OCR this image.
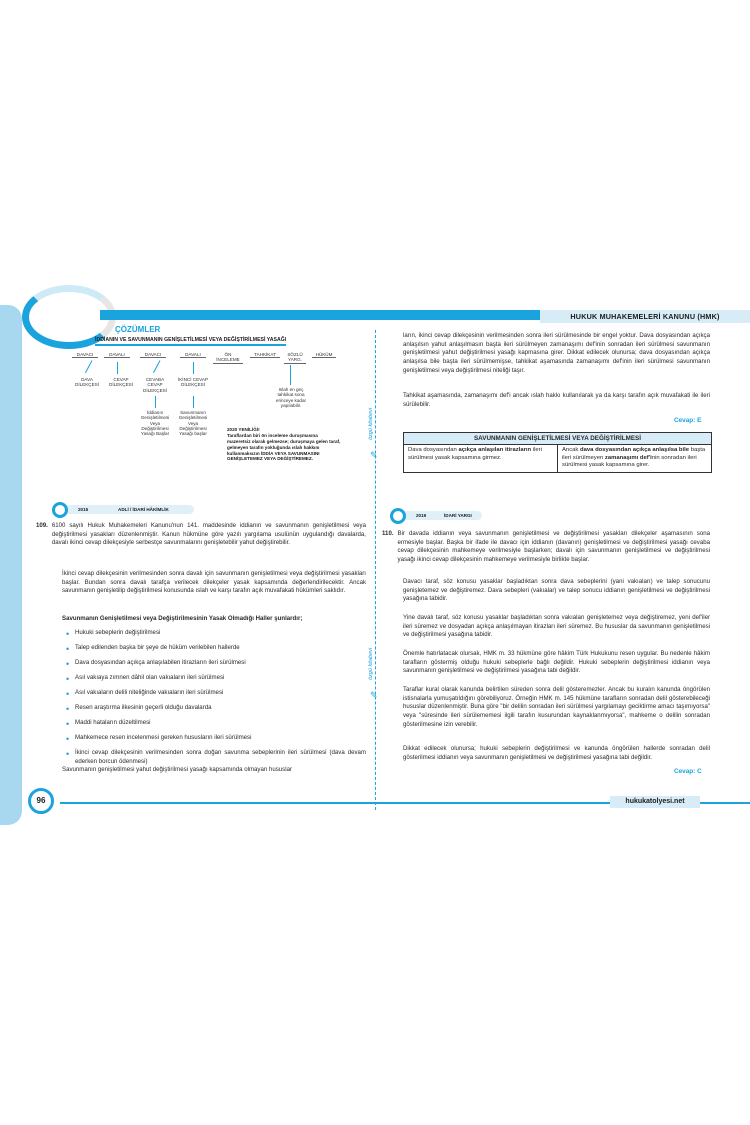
HUKUK MUHAKEMELERİ KANUNU (HMK)
ÇÖZÜMLER
İDDİANIN VE SAVUNMANIN GENİŞLETİLMESİ VEYA DEĞİŞTİRİLMESİ YASAĞI
DAVACI	DAVALI	DAVACI	DAVALI	ÖN İNCELEME
TAHKİKAT	SÖZLÜ YARG.
HÜKÜM
DAVA DİLEKÇESİ
CEVAP DİLEKÇESİ
CEVABA CEVAP DİLEKÇESİ
İKİNCİ CEVAP DİLEKÇESİ
İddianın Genişletilmesi Veya Değiştirilmesi Yasağı Başlar
Savunmanın Genişletilmesi Veya Değiştirilmesi Yasağı başlar
Islah en geç tahkikat sona erinceye kadar yapılabilir.
2020 YENİLİĞİ!
Taraflardan biri ön inceleme duruşmasına mazeretsiz olarak gelmezse; duruşmaya gelen taraf, gelmeyen tarafın yokluğunda ıslah hakkını kullanmaksızın İDDİA VEYA SAVUNMASINI GENİŞLETEMEZ VEYA DEĞİŞTİREMEZ.
2015	ADLİ / İDARİ HÂKİMLİK
109. 6100 sayılı Hukuk Muhakemeleri Kanunu'nun 141. maddesinde iddianın ve savunmanın genişletilmesi veya değiştirilmesi yasakları düzenlenmiştir. Kanun hükmüne göre yazılı yargılama usulünün uygulandığı davalarda, davalı ikinci cevap dilekçesiyle serbestçe savunmalarını genişletebilir yahut değiştirebilir.
İkinci cevap dilekçesinin verilmesinden sonra davalı için savunmanın genişletilmesi veya değiştirilmesi yasakları başlar. Bundan sonra davalı tarafça verilecek dilekçeler yasak kapsamında değerlendirilecektir. Ancak savunmanın genişletilip değiştirilmesi konusunda ıslah ve karşı tarafın açık muvafakati hükümleri saklıdır.
Savunmanın Genişletilmesi veya Değiştirilmesinin Yasak Olmadığı Haller şunlardır;
• Hukuki sebeplerin değiştirilmesi
• Talep edilenden başka bir şeye de hüküm verilebilen hallerde
• Dava dosyasından açıkça anlaşılabilen itirazların ileri sürülmesi
• Asıl vakıaya zımnen dâhil olan vakıaların ileri sürülmesi
• Asıl vakıaların delili niteliğinde vakıaların ileri sürülmesi
• Resen araştırma ilkesinin geçerli olduğu davalarda
• Maddi hataların düzeltilmesi
• Mahkemece resen incelenmesi gereken hususların ileri sürülmesi
• İkinci cevap dilekçesinin verilmesinden sonra doğan savunma sebeplerinin ileri sürülmesi (dava devam ederken borcun ödenmesi)
Savunmanın genişletilmesi yahut değiştirilmesi yasağı kapsamında olmayan hususlar
özgü kitabevi
✎
özgü kitabevi
✎
ların, ikinci cevap dilekçesinin verilmesinden sonra ileri sürülmesinde bir engel yoktur. Dava dosyasından açıkça anlaşılsın yahut anlaşılmasın başta ileri sürülmeyen zamanaşımı def'inin sonradan ileri sürülmesi savunmanın genişletilmesi yahut değiştirilmesi yasağı kapmasına girer. Dikkat edilecek olunursa; dava dosyasından açıkça anlaşılsa bile başta ileri sürülmemişse, tahkikat aşamasında zamanaşımı def'inin ileri sürülmesi savunmanın genişletilmesi veya değiştirilmesi niteliği taşır.
Tahkikat aşamasında, zamanaşımı def'i ancak ıslah hakkı kullanılarak ya da karşı tarafın açık muvafakati ile ileri sürülebilir.
Cevap: E
SAVUNMANIN GENİŞLETİLMESİ VEYA DEĞİŞTİRİLMESİ
Dava dosyasından açıkça anlaşılan itirazların ileri sürülmesi yasak kapsamına girmez.
Ancak dava dosyasından açıkça anlaşılsa bile başta ileri sürülmeyen zamanaşımı def'inin sonradan ileri sürülmesi yasak kapsamına girer.
2019	İDARİ YARGI
110. Bir davada iddianın veya savunmanın genişletilmesi ve değiştirilmesi yasakları dilekçeler aşamasının sona ermesiyle başlar. Başka bir ifade ile davacı için iddianın (davanın) genişletilmesi ve değiştirilmesi yasağı cevaba cevap dilekçesinin mahkemeye verilmesiyle başlarken; davalı için savunmanın genişletilmesi ve değiştirilmesi yasağı ikinci cevap dilekçesinin mahkemeye verilmesiyle birlikte başlar.
Davacı taraf, söz konusu yasaklar başladıktan sonra dava sebeplerini (yani vakıaları) ve talep sonucunu genişletemez ve değiştiremez. Dava sebepleri (vakıalar) ve talep sonucu iddianın genişletilmesi ve değiştirilmesi yasağına tabidir.
Yine davalı taraf, söz konusu yasaklar başladıktan sonra vakıaları genişletemez veya değiştiremez, yeni def'iler ileri süremez ve dosyadan açıkça anlaşılmayan itirazları ileri süremez. Bu hususlar da savunmanın genişletilmesi ve değiştirilmesi yasağına tabidir.
Önemle hatırlatacak olursak, HMK m. 33 hükmüne göre hâkim Türk Hukukunu resen uygular. Bu nedenle hâkim tarafların göstermiş olduğu hukuki sebeplerle bağlı değildir. Hukuki sebeplerin değiştirilmesi iddianın veya savunmanın genişletilmesi ve değiştirilmesi yasağına tabi değildir.
Taraflar kural olarak kanunda belirtilen süreden sonra delil gösteremezler. Ancak bu kuralın kanunda öngörülen istisnalarla yumuşatıldığını görebiliyoruz. Örneğin HMK m. 145 hükmüne tarafların sonradan delil gösterebileceği hususlar düzenlenmiştir. Buna göre "bir delilin sonradan ileri sürülmesi yargılamayı geciktirme amacı taşımıyorsa" veya "süresinde ileri sürülememesi ilgili tarafın kusurundan kaynaklanmıyorsa", mahkeme o delilin sonradan gösterilmesine izin verebilir.
Dikkat edilecek olunursa; hukuki sebeplerin değiştirilmesi ve kanunda öngörülen hallerde sonradan delil gösterilmesi iddianın veya savunmanın genişletilmesi ve değiştirilmesi yasağına tabi değildir.
Cevap: C
96	hukukatolyesi.net
